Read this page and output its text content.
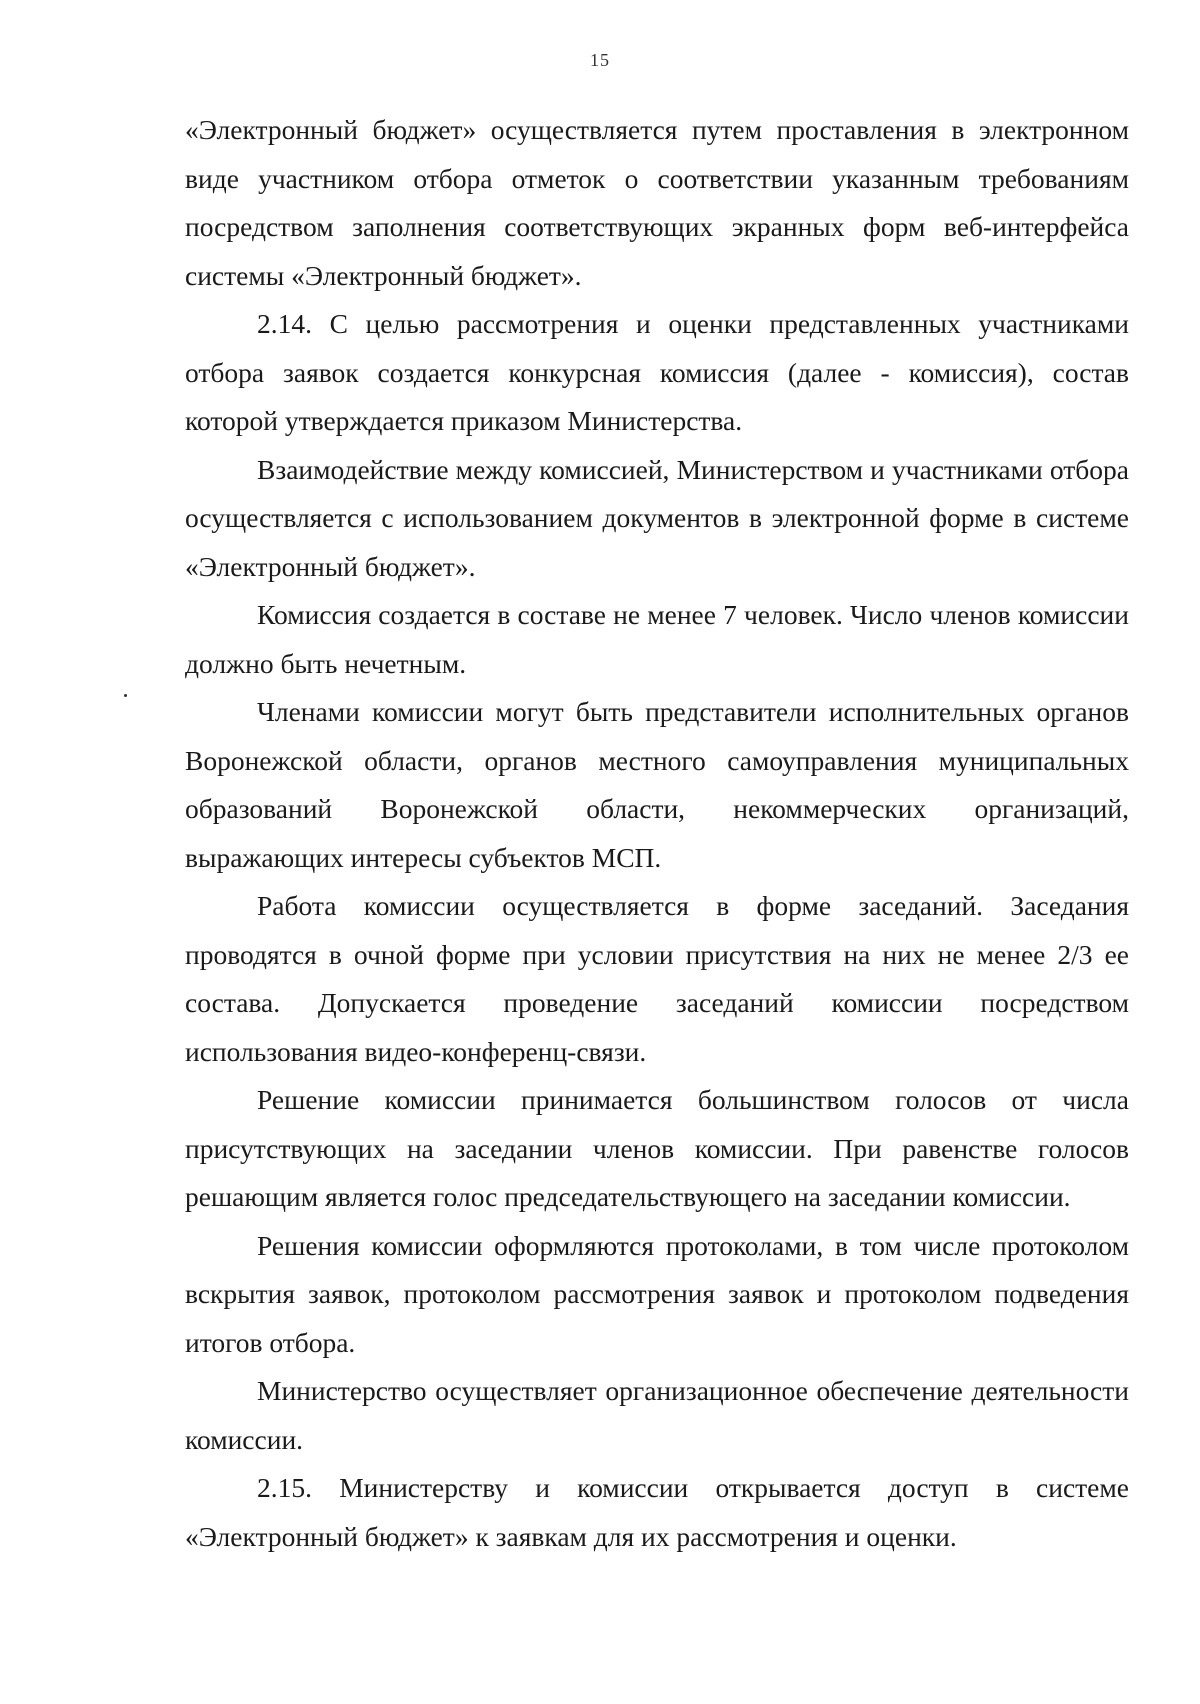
15

«Электронный бюджет» осуществляется путем проставления в электронном виде участником отбора отметок о соответствии указанным требованиям посредством заполнения соответствующих экранных форм веб-интерфейса системы «Электронный бюджет».

2.14. С целью рассмотрения и оценки представленных участниками отбора заявок создается конкурсная комиссия (далее - комиссия), состав которой утверждается приказом Министерства.

Взаимодействие между комиссией, Министерством и участниками отбора осуществляется с использованием документов в электронной форме в системе «Электронный бюджет».

Комиссия создается в составе не менее 7 человек. Число членов комиссии должно быть нечетным.

Членами комиссии могут быть представители исполнительных органов Воронежской области, органов местного самоуправления муниципальных образований Воронежской области, некоммерческих организаций, выражающих интересы субъектов МСП.

Работа комиссии осуществляется в форме заседаний. Заседания проводятся в очной форме при условии присутствия на них не менее 2/3 ее состава. Допускается проведение заседаний комиссии посредством использования видео-конференц-связи.

Решение комиссии принимается большинством голосов от числа присутствующих на заседании членов комиссии. При равенстве голосов решающим является голос председательствующего на заседании комиссии.

Решения комиссии оформляются протоколами, в том числе протоколом вскрытия заявок, протоколом рассмотрения заявок и протоколом подведения итогов отбора.

Министерство осуществляет организационное обеспечение деятельности комиссии.

2.15. Министерству и комиссии открывается доступ в системе «Электронный бюджет» к заявкам для их рассмотрения и оценки.
